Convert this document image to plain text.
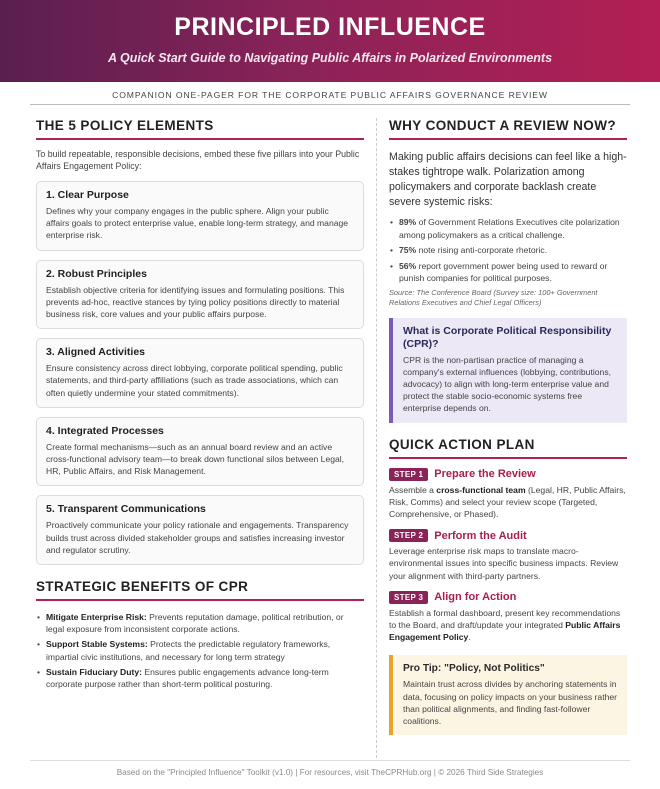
PRINCIPLED INFLUENCE
A Quick Start Guide to Navigating Public Affairs in Polarized Environments
COMPANION ONE-PAGER FOR THE CORPORATE PUBLIC AFFAIRS GOVERNANCE REVIEW
THE 5 POLICY ELEMENTS
To build repeatable, responsible decisions, embed these five pillars into your Public Affairs Engagement Policy:
1. Clear Purpose
Defines why your company engages in the public sphere. Align your public affairs goals to protect enterprise value, enable long-term strategy, and manage enterprise risk.
2. Robust Principles
Establish objective criteria for identifying issues and formulating positions. This prevents ad-hoc, reactive stances by tying policy positions directly to material business risk, core values and your public affairs purpose.
3. Aligned Activities
Ensure consistency across direct lobbying, corporate political spending, public statements, and third-party affiliations (such as trade associations, which can often quietly undermine your stated commitments).
4. Integrated Processes
Create formal mechanisms—such as an annual board review and an active cross-functional advisory team—to break down functional silos between Legal, HR, Public Affairs, and Risk Management.
5. Transparent Communications
Proactively communicate your policy rationale and engagements. Transparency builds trust across divided stakeholder groups and satisfies increasing investor and regulator scrutiny.
STRATEGIC BENEFITS OF CPR
• Mitigate Enterprise Risk: Prevents reputation damage, political retribution, or legal exposure from inconsistent corporate actions.
• Support Stable Systems: Protects the predictable regulatory frameworks, impartial civic institutions, and necessary for long term strategy
• Sustain Fiduciary Duty: Ensures public engagements advance long-term corporate purpose rather than short-term political posturing.
WHY CONDUCT A REVIEW NOW?
Making public affairs decisions can feel like a high-stakes tightrope walk. Polarization among policymakers and corporate backlash create severe systemic risks:
• 89% of Government Relations Executives cite polarization among policymakers as a critical challenge.
• 75% note rising anti-corporate rhetoric.
• 56% report government power being used to reward or punish companies for political purposes.
Source: The Conference Board (Survey size: 100+ Government Relations Executives and Chief Legal Officers)
What is Corporate Political Responsibility (CPR)?
CPR is the non-partisan practice of managing a company's external influences (lobbying, contributions, advocacy) to align with long-term enterprise value and protect the stable socio-economic systems free enterprise depends on.
QUICK ACTION PLAN
STEP 1	Prepare the Review
Assemble a cross-functional team (Legal, HR, Public Affairs, Risk, Comms) and select your review scope (Targeted, Comprehensive, or Phased).
STEP 2	Perform the Audit
Leverage enterprise risk maps to translate macro-environmental issues into specific business impacts. Review your alignment with third-party partners.
STEP 3	Align for Action
Establish a formal dashboard, present key recommendations to the Board, and draft/update your integrated Public Affairs Engagement Policy.
Pro Tip: "Policy, Not Politics"
Maintain trust across divides by anchoring statements in data, focusing on policy impacts on your business rather than political alignments, and finding fast-follower coalitions.
Based on the "Principled Influence" Toolkit (v1.0) | For resources, visit TheCPRHub.org | © 2026 Third Side Strategies
